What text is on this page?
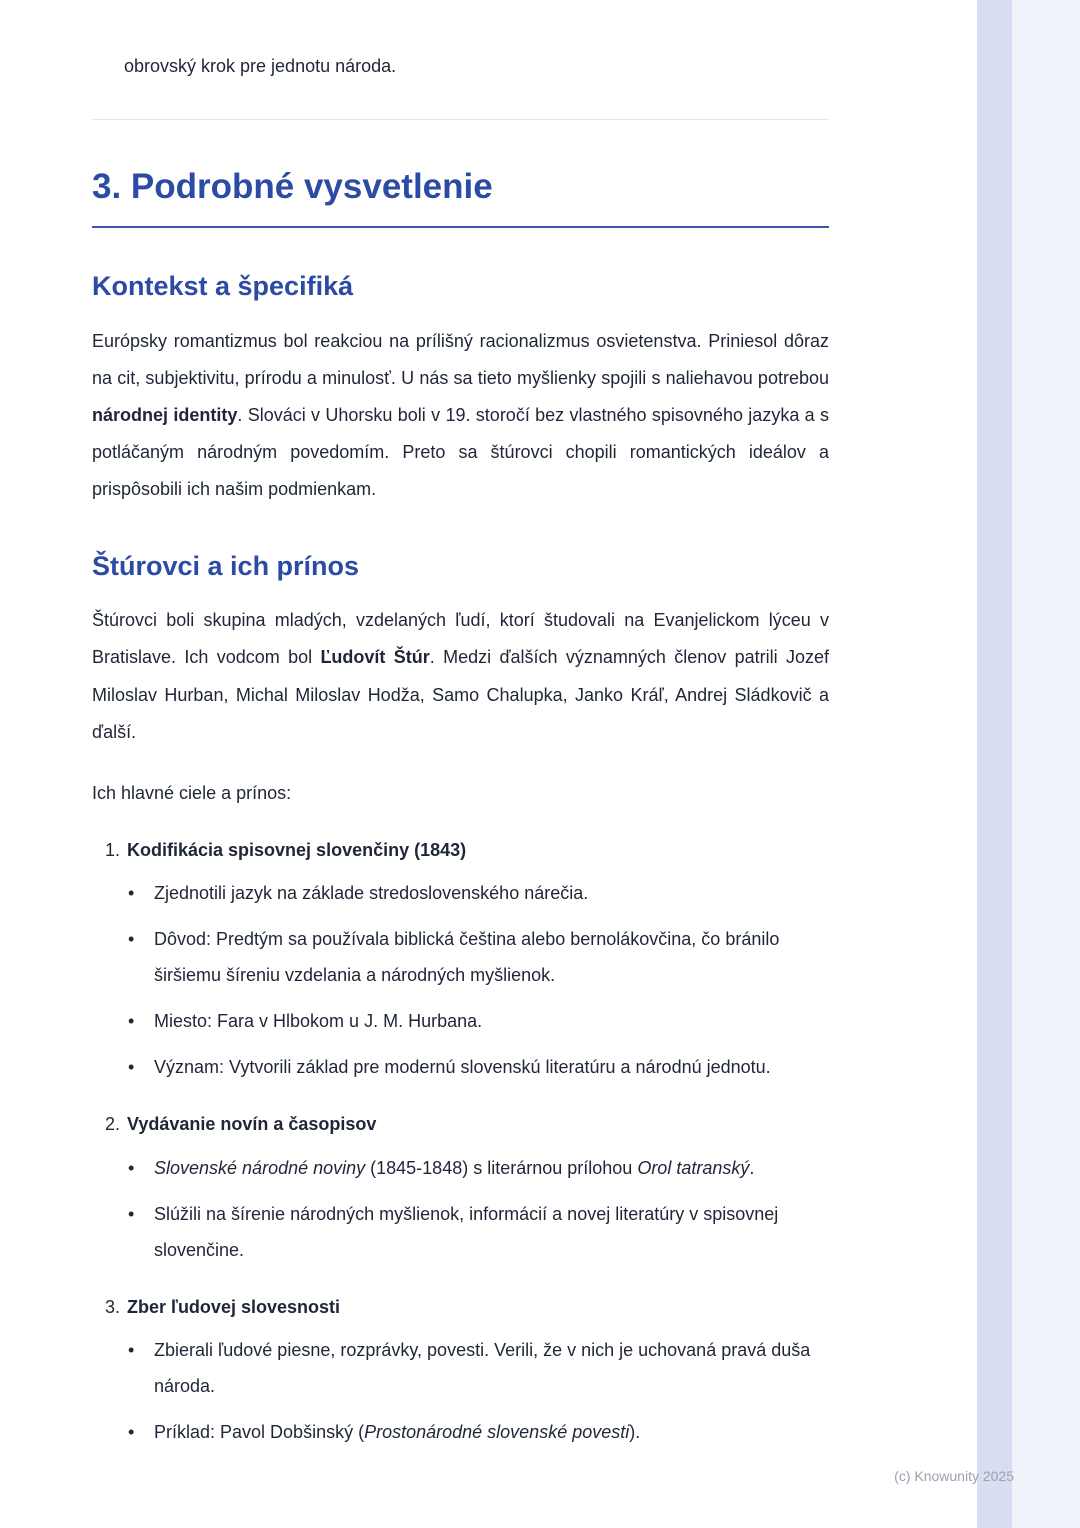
obrovský krok pre jednotu národa.
3. Podrobné vysvetlenie
Kontekst a špecifiká

Európsky romantizmus bol reakciou na prílišný racionalizmus osvietenstva. Priniesol dôraz na cit, subjektivitu, prírodu a minulosť. U nás sa tieto myšlienky spojili s naliehavou potrebou národnej identity. Slováci v Uhorsku boli v 19. storočí bez vlastného spisovného jazyka a s potláčaným národným povedomím. Preto sa štúrovci chopili romantických ideálov a prispôsobili ich našim podmienkam.

Štúrovci a ich prínos

Štúrovci boli skupina mladých, vzdelaných ľudí, ktorí študovali na Evanjelickom lýceu v Bratislave. Ich vodcom bol Ľudovít Štúr. Medzi ďalších významných členov patrili Jozef Miloslav Hurban, Michal Miloslav Hodža, Samo Chalupka, Janko Kráľ, Andrej Sládkovič a ďalší.

Ich hlavné ciele a prínos:

1. Kodifikácia spisovnej slovenčiny (1843)
•
Zjednotili jazyk na základe stredoslovenského nárečia.
•
Dôvod: Predtým sa používala biblická čeština alebo bernolákovčina, čo bránilo širšiemu šíreniu vzdelania a národných myšlienok.
•
Miesto: Fara v Hlbokom u J. M. Hurbana.
•
Význam: Vytvorili základ pre modernú slovenskú literatúru a národnú jednotu.
2. Vydávanie novín a časopisov
•
Slovenské národné noviny (1845-1848) s literárnou prílohou Orol tatranský.
•
Slúžili na šírenie národných myšlienok, informácií a novej literatúry v spisovnej slovenčine.
3. Zber ľudovej slovesnosti
•
Zbierali ľudové piesne, rozprávky, povesti. Verili, že v nich je uchovaná pravá duša národa.
•
Príklad: Pavol Dobšinský (Prostonárodné slovenské povesti).
(c) Knowunity 2025
